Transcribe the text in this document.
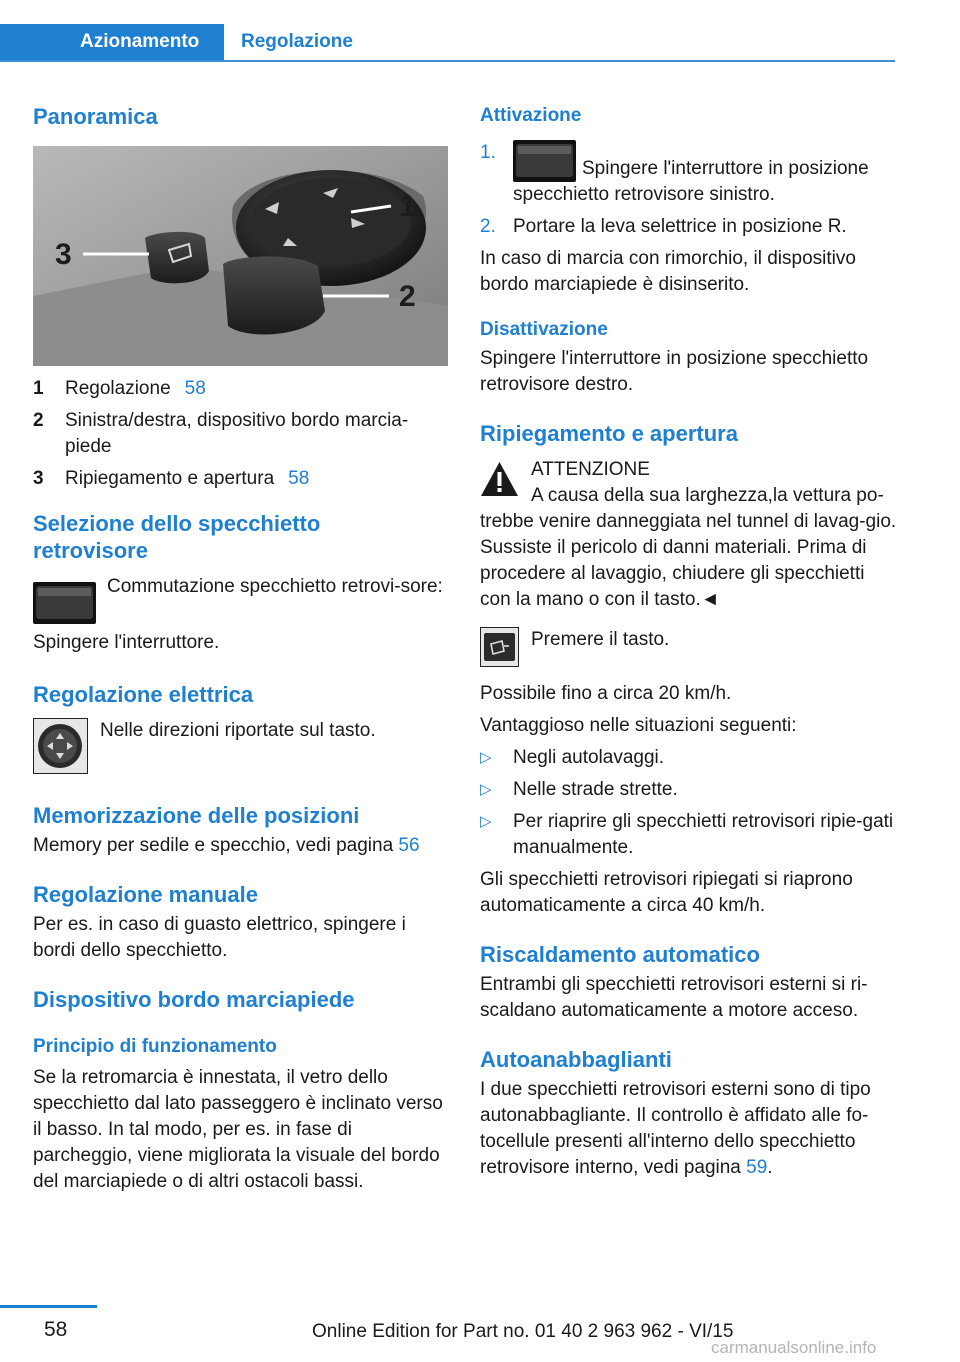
Azionamento	Regolazione
Panoramica
1
2
3
1	Regolazione 58
2	Sinistra/destra, dispositivo bordo marcia-piede
3	Ripiegamento e apertura 58
Selezione dello specchietto retrovisore
Commutazione specchietto retrovi-sore:

Spingere l'interruttore.

Regolazione elettrica
Nelle direzioni riportate sul tasto.
Memorizzazione delle posizioni

Memory per sedile e specchio, vedi pagina 56

Regolazione manuale

Per es. in caso di guasto elettrico, spingere i bordi dello specchietto.

Dispositivo bordo marciapiede
Principio di funzionamento

Se la retromarcia è innestata, il vetro dello specchietto dal lato passeggero è inclinato verso il basso. In tal modo, per es. in fase di parcheggio, viene migliorata la visuale del bordo del marciapiede o di altri ostacoli bassi.

Attivazione
1.
Spingere l'interruttore in posizione specchietto retrovisore sinistro.
2. Portare la leva selettrice in posizione R.

In caso di marcia con rimorchio, il dispositivo bordo marciapiede è disinserito.

Disattivazione

Spingere l'interruttore in posizione specchietto retrovisore destro.

Ripiegamento e apertura
ATTENZIONE
A causa della sua larghezza,la vettura po-

trebbe venire danneggiata nel tunnel di lavag-gio. Sussiste il pericolo di danni materiali. Prima di procedere al lavaggio, chiudere gli specchietti con la mano o con il tasto.◄

Premere il tasto.

Possibile fino a circa 20 km/h.

Vantaggioso nelle situazioni seguenti:

▷	Negli autolavaggi.
▷	Nelle strade strette.
▷	Per riaprire gli specchietti retrovisori ripie-gati manualmente.

Gli specchietti retrovisori ripiegati si riaprono automaticamente a circa 40 km/h.

Riscaldamento automatico

Entrambi gli specchietti retrovisori esterni si ri-scaldano automaticamente a motore acceso.

Autoanabbaglianti

I due specchietti retrovisori esterni sono di tipo autonabbagliante. Il controllo è affidato alle fo-tocellule presenti all'interno dello specchietto retrovisore interno, vedi pagina 59.

58	Online Edition for Part no. 01 40 2 963 962 - VI/15
carmanualsonline.info
